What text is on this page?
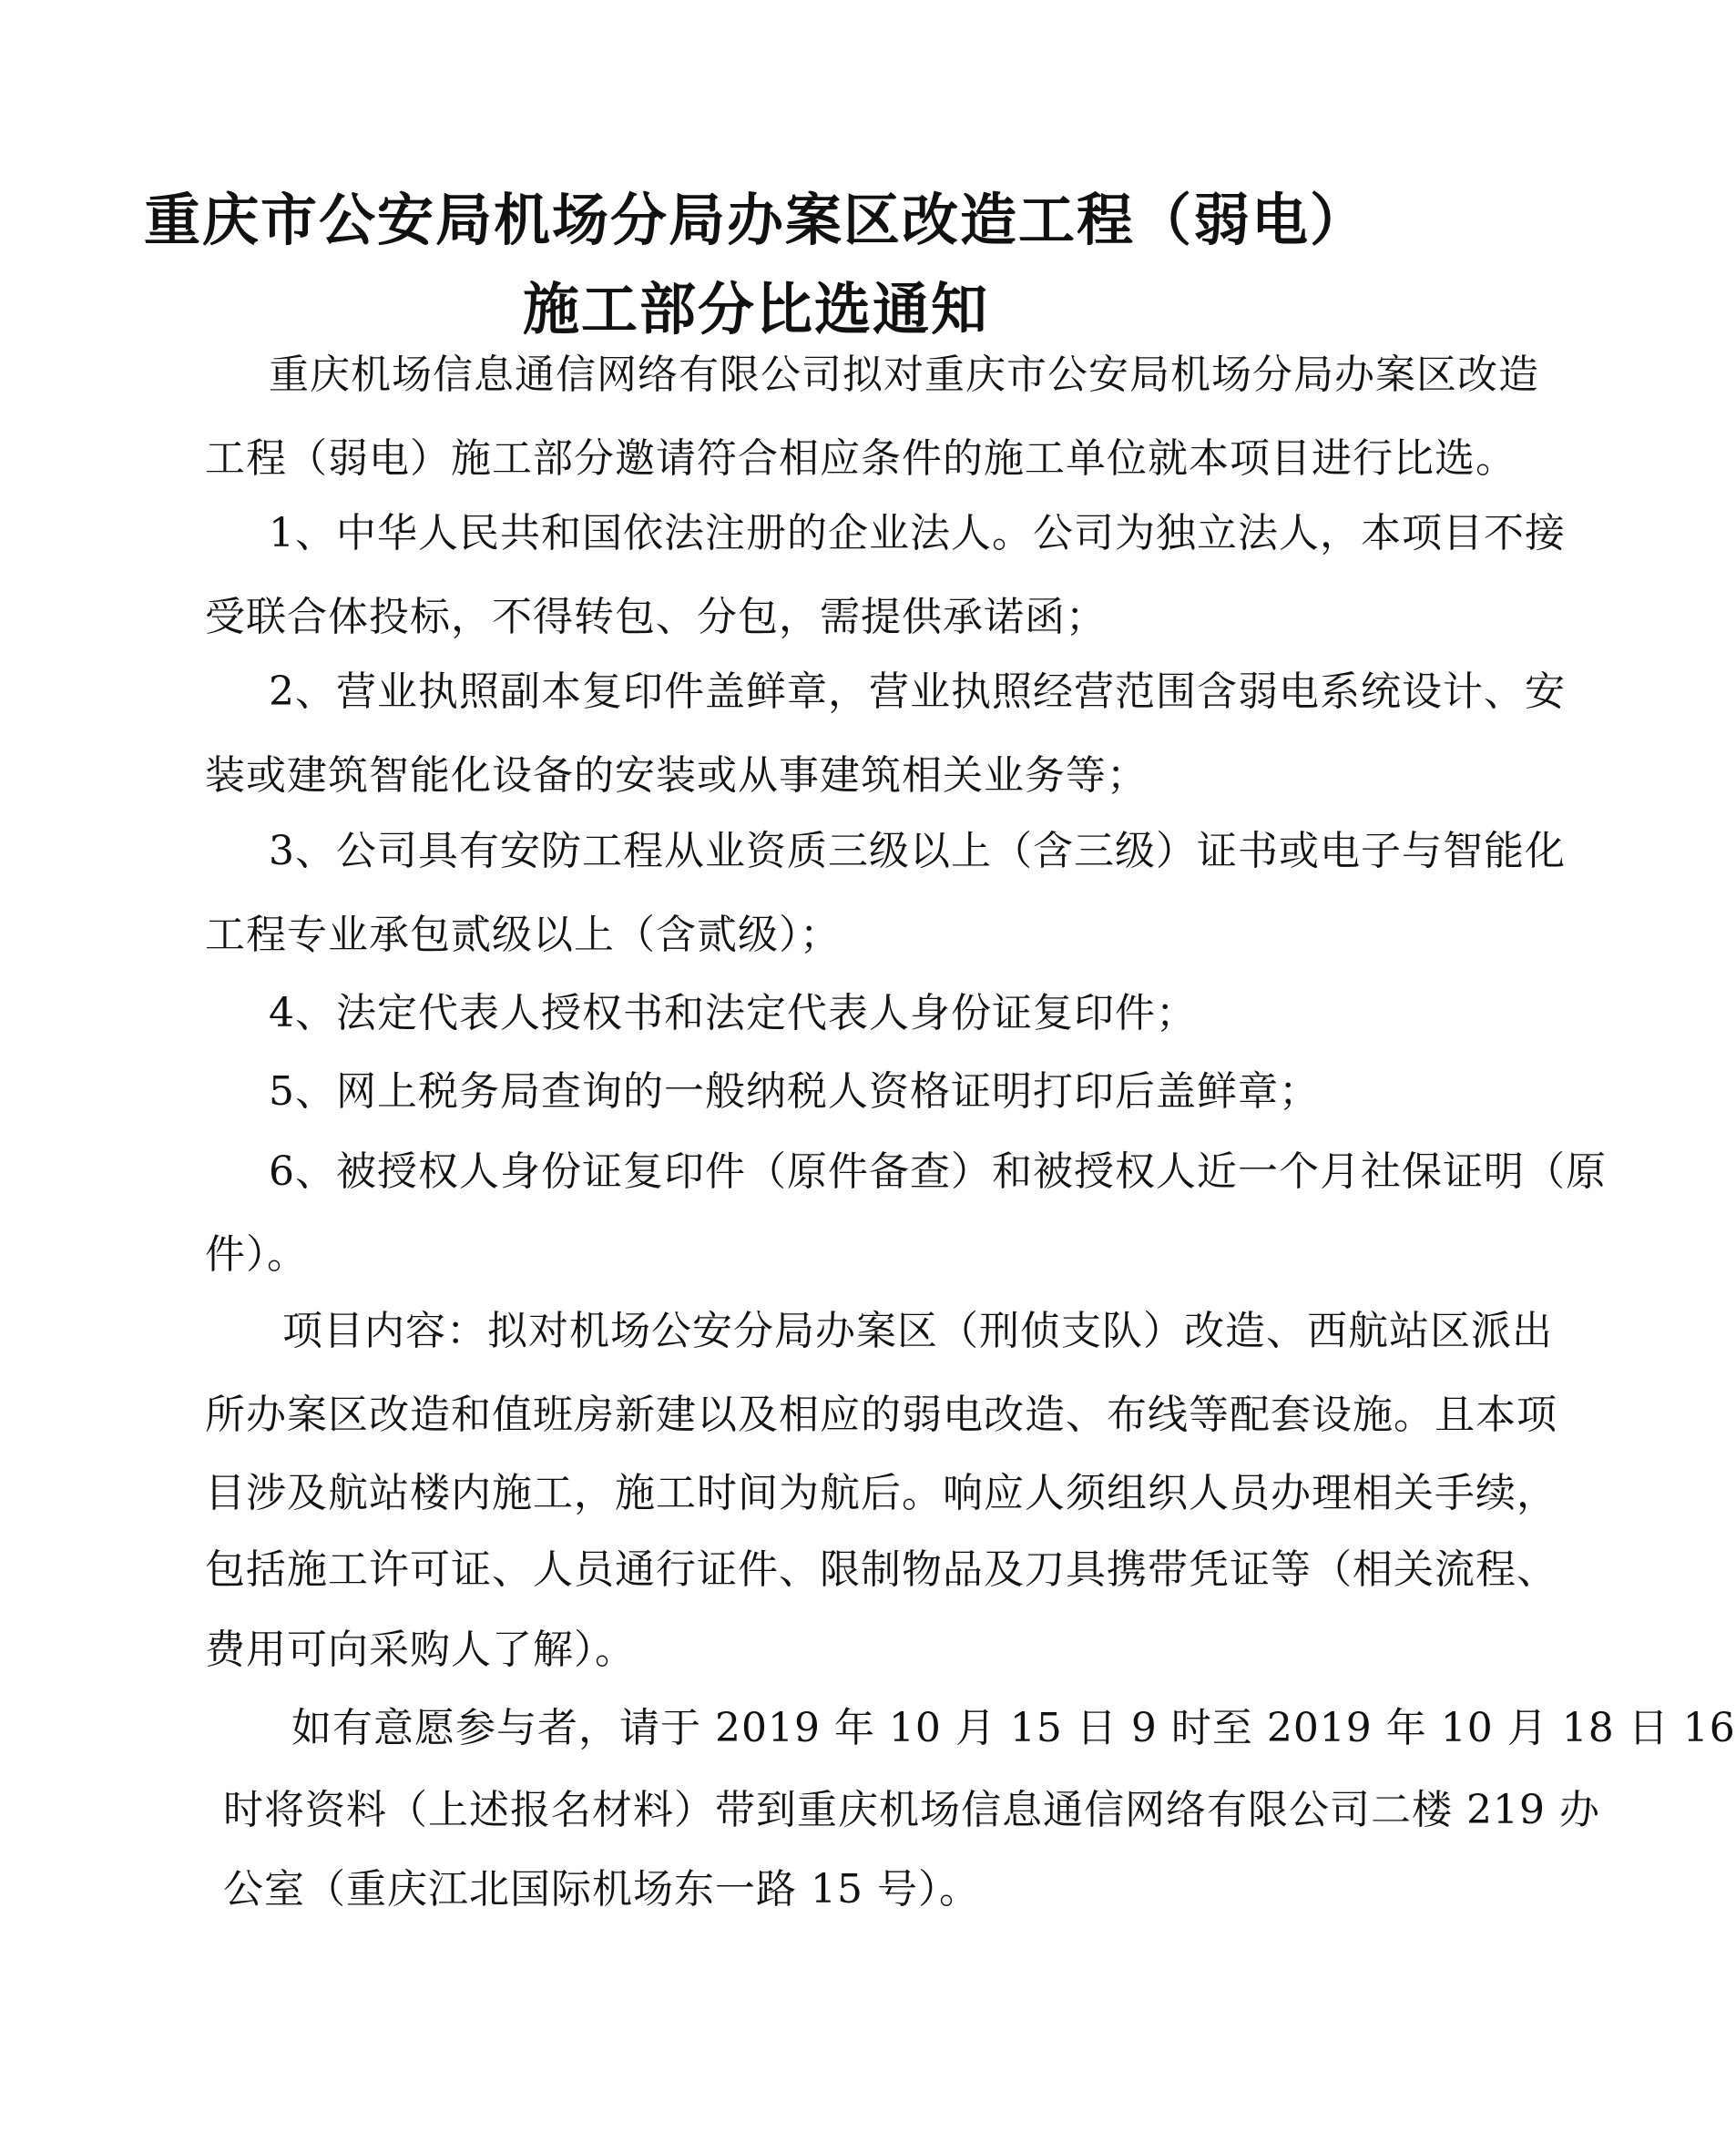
重庆市公安局机场分局办案区改造工程（弱电）
施工部分比选通知
重庆机场信息通信网络有限公司拟对重庆市公安局机场分局办案区改造
工程（弱电）施工部分邀请符合相应条件的施工单位就本项目进行比选。
1、中华人民共和国依法注册的企业法人。公司为独立法人，本项目不接
受联合体投标，不得转包、分包，需提供承诺函；
2、营业执照副本复印件盖鲜章，营业执照经营范围含弱电系统设计、安
装或建筑智能化设备的安装或从事建筑相关业务等；
3、公司具有安防工程从业资质三级以上（含三级）证书或电子与智能化
工程专业承包贰级以上（含贰级）；
4、法定代表人授权书和法定代表人身份证复印件；
5、网上税务局查询的一般纳税人资格证明打印后盖鲜章；
6、被授权人身份证复印件（原件备查）和被授权人近一个月社保证明（原
件）。
项目内容：拟对机场公安分局办案区（刑侦支队）改造、西航站区派出
所办案区改造和值班房新建以及相应的弱电改造、布线等配套设施。且本项
目涉及航站楼内施工，施工时间为航后。响应人须组织人员办理相关手续，
包括施工许可证、人员通行证件、限制物品及刀具携带凭证等（相关流程、
费用可向采购人了解）。
如有意愿参与者，请于 2019 年 10 月 15 日 9 时至 2019 年 10 月 18 日 16
时将资料（上述报名材料）带到重庆机场信息通信网络有限公司二楼 219 办
公室（重庆江北国际机场东一路 15 号）。
